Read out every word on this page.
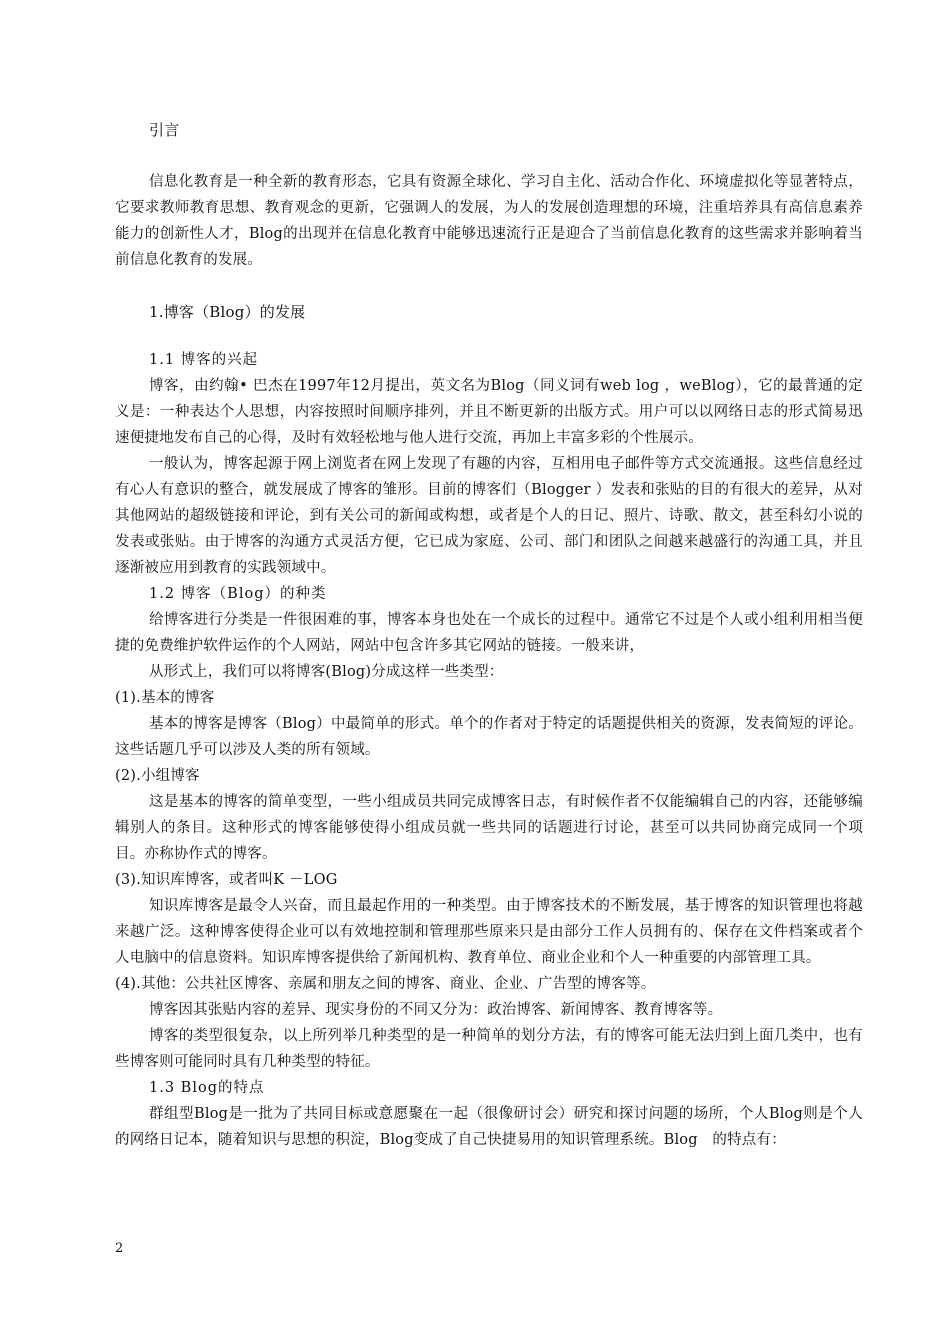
引言

信息化教育是一种全新的教育形态，它具有资源全球化、学习自主化、活动合作化、环境虚拟化等显著特点，它要求教师教育思想、教育观念的更新，它强调人的发展，为人的发展创造理想的环境，注重培养具有高信息素养能力的创新性人才，Blog的出现并在信息化教育中能够迅速流行正是迎合了当前信息化教育的这些需求并影响着当前信息化教育的发展。

1.博客（Blog）的发展

1.1 博客的兴起

博客，由约翰• 巴杰在1997年12月提出，英文名为Blog（同义词有web log ，weBlog），它的最普通的定义是：一种表达个人思想，内容按照时间顺序排列，并且不断更新的出版方式。用户可以以网络日志的形式简易迅速便捷地发布自己的心得，及时有效轻松地与他人进行交流，再加上丰富多彩的个性展示。

一般认为，博客起源于网上浏览者在网上发现了有趣的内容，互相用电子邮件等方式交流通报。这些信息经过有心人有意识的整合，就发展成了博客的雏形。目前的博客们（Blogger ）发表和张贴的目的有很大的差异，从对其他网站的超级链接和评论，到有关公司的新闻或构想，或者是个人的日记、照片、诗歌、散文，甚至科幻小说的发表或张贴。由于博客的沟通方式灵活方便，它已成为家庭、公司、部门和团队之间越来越盛行的沟通工具，并且逐渐被应用到教育的实践领域中。

1.2 博客（Blog）的种类

给博客进行分类是一件很困难的事，博客本身也处在一个成长的过程中。通常它不过是个人或小组利用相当便捷的免费维护软件运作的个人网站，网站中包含许多其它网站的链接。一般来讲，

从形式上，我们可以将博客(Blog)分成这样一些类型：

(1).基本的博客

基本的博客是博客（Blog）中最简单的形式。单个的作者对于特定的话题提供相关的资源，发表简短的评论。这些话题几乎可以涉及人类的所有领域。

(2).小组博客

这是基本的博客的简单变型，一些小组成员共同完成博客日志，有时候作者不仅能编辑自己的内容，还能够编辑别人的条目。这种形式的博客能够使得小组成员就一些共同的话题进行讨论，甚至可以共同协商完成同一个项目。亦称协作式的博客。

(3).知识库博客，或者叫K －LOG

知识库博客是最令人兴奋，而且最起作用的一种类型。由于博客技术的不断发展，基于博客的知识管理也将越来越广泛。这种博客使得企业可以有效地控制和管理那些原来只是由部分工作人员拥有的、保存在文件档案或者个人电脑中的信息资料。知识库博客提供给了新闻机构、教育单位、商业企业和个人一种重要的内部管理工具。

(4).其他：公共社区博客、亲属和朋友之间的博客、商业、企业、广告型的博客等。

博客因其张贴内容的差异、现实身份的不同又分为：政治博客、新闻博客、教育博客等。

博客的类型很复杂，以上所列举几种类型的是一种简单的划分方法，有的博客可能无法归到上面几类中，也有些博客则可能同时具有几种类型的特征。

1.3 Blog的特点

群组型Blog是一批为了共同目标或意愿聚在一起（很像研讨会）研究和探讨问题的场所，个人Blog则是个人的网络日记本，随着知识与思想的积淀，Blog变成了自己快捷易用的知识管理系统。Blog　的特点有：

2
